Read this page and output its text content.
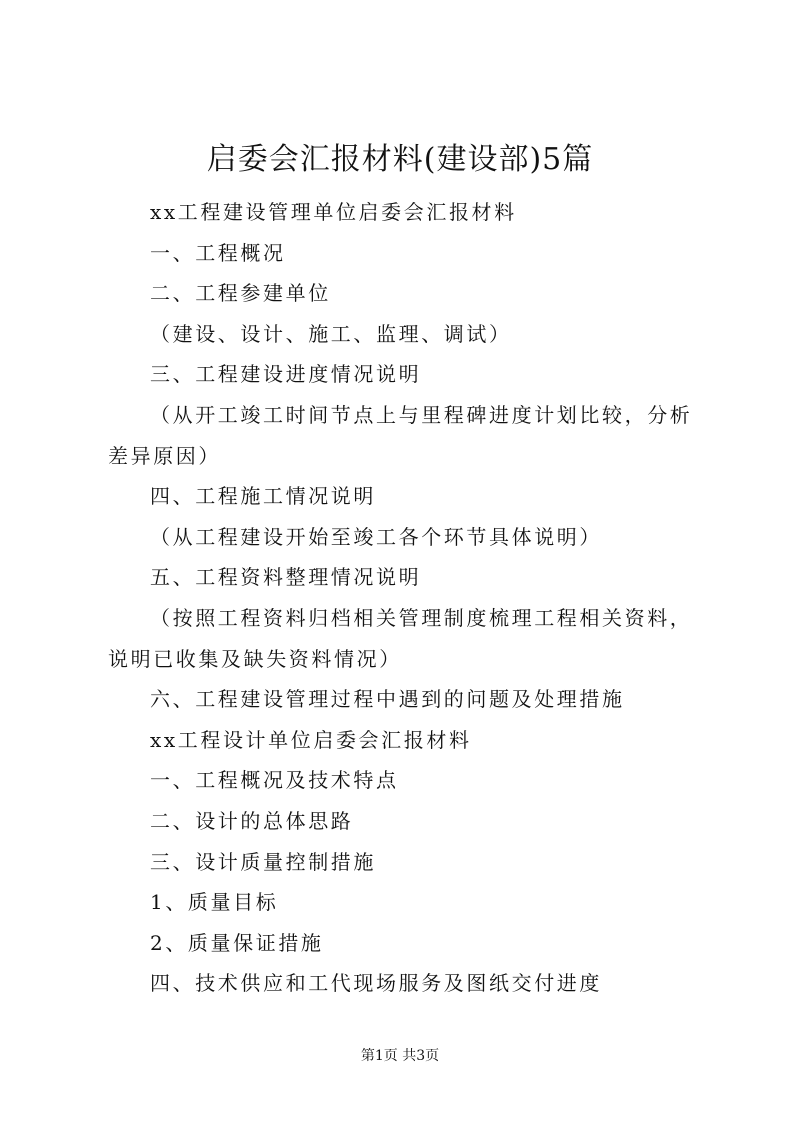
启委会汇报材料(建设部)5篇

xx工程建设管理单位启委会汇报材料

一、工程概况

二、工程参建单位

（建设、设计、施工、监理、调试）

三、工程建设进度情况说明

（从开工竣工时间节点上与里程碑进度计划比较，分析差异原因）

四、工程施工情况说明

（从工程建设开始至竣工各个环节具体说明）

五、工程资料整理情况说明

（按照工程资料归档相关管理制度梳理工程相关资料，说明已收集及缺失资料情况）

六、工程建设管理过程中遇到的问题及处理措施

xx工程设计单位启委会汇报材料

一、工程概况及技术特点

二、设计的总体思路

三、设计质量控制措施

1、质量目标

2、质量保证措施

四、技术供应和工代现场服务及图纸交付进度

第1页 共3页
